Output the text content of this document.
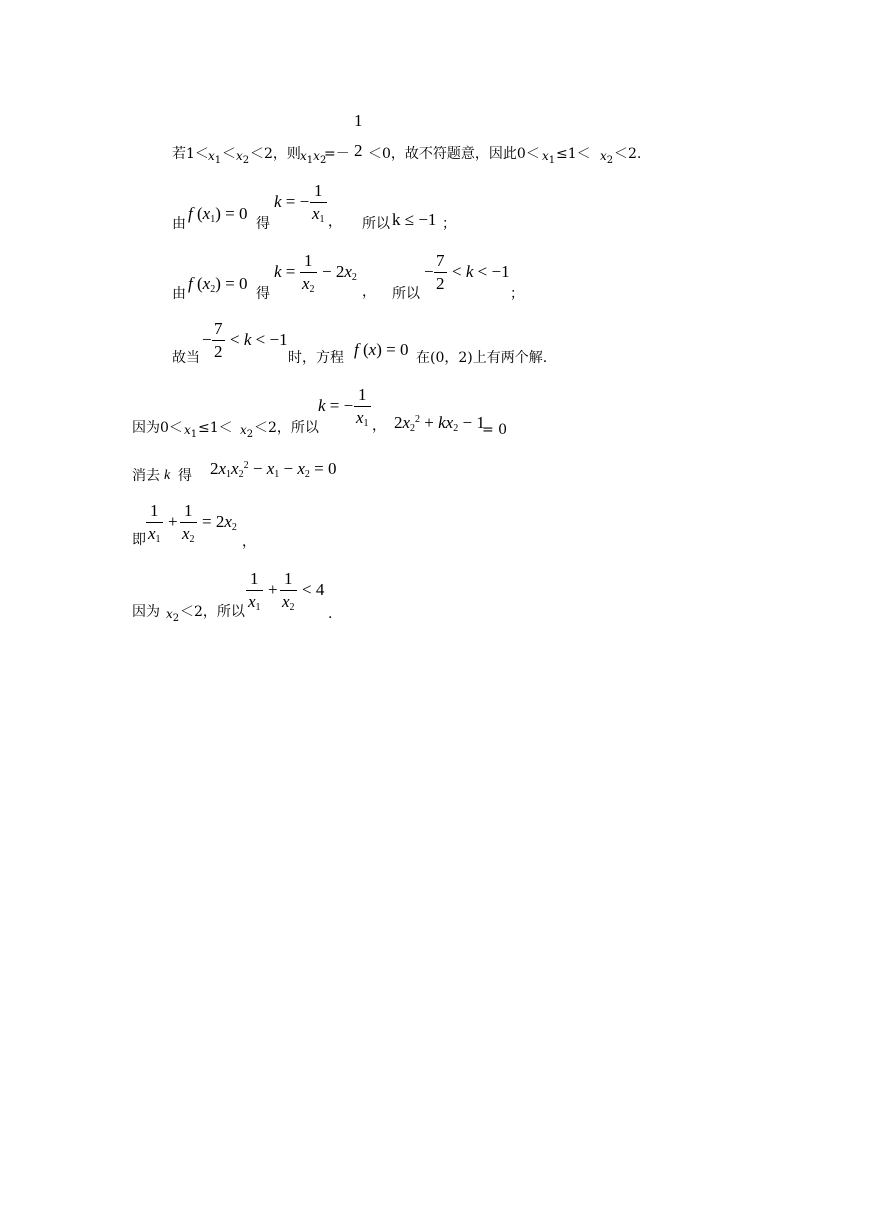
若$1< x_1 < x_2 <2$，则 $x_1x_2$
=－
1
2 ＜0，故不符题意，因此$0< x_1 \le 1< x_2 <2$.
由
f $(x_1) = 0$
得
k = − $\frac{1}{x_1}$ ， 所以 k ≤ −1 ；
由
f $(x_2) = 0$
得
$k = \frac{1}{x_2} - 2x_2$
， 所以
− $\frac{7}{2} < k < -1$
；
故当
− $\frac{7}{2} < k < -1$
时，方程 f (x) = 0 在(0，2)上有两个解.
因为$0< x_1 \le 1< x_2 <2$，所以
k = − $\frac{1}{x_1}$ ， $2x_2^2 + kx_2 - 1$
= 0
消去 k 得 $2x_1x_2^2 - x_1 - x_2 = 0$
即 $\frac{1}{x_1} + \frac{1}{x_2} = 2x_2$
，
因为 $x_2 <2$，所以 $\frac{1}{x_1} + \frac{1}{x_2} < 4$
.
